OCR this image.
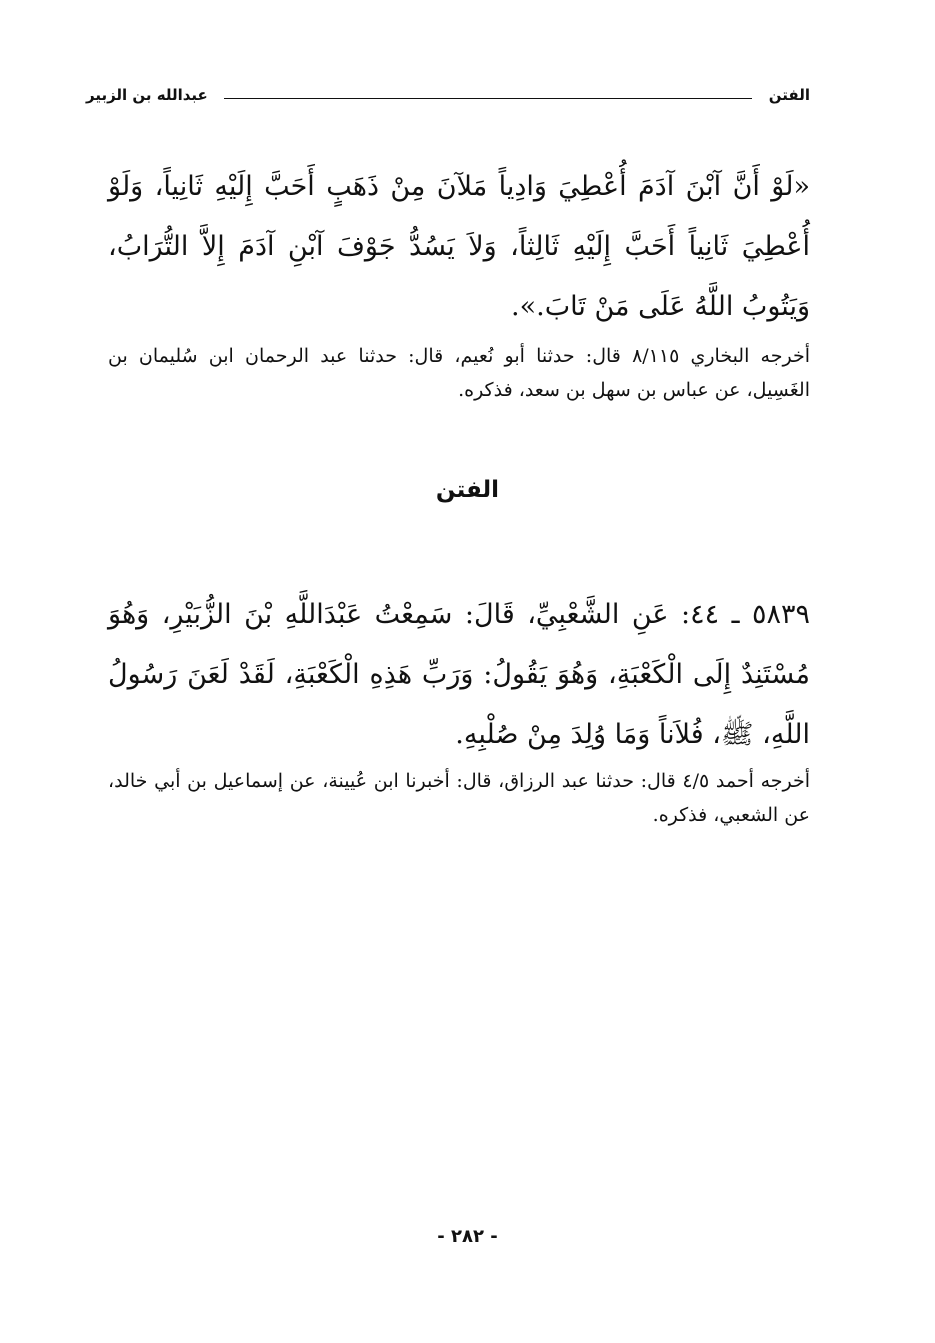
الفتن
عبدالله بن الزبير

«لَوْ أَنَّ آبْنَ آدَمَ أُعْطِيَ وَادِياً مَلآنَ مِنْ ذَهَبٍ أَحَبَّ إِلَيْهِ ثَانِياً، وَلَوْ أُعْطِيَ ثَانِياً أَحَبَّ إِلَيْهِ ثَالِثاً، وَلاَ يَسُدُّ جَوْفَ آبْنِ آدَمَ إِلاَّ التُّرَابُ، وَيَتُوبُ اللَّهُ عَلَى مَنْ تَابَ.».

أخرجه البخاري ٨/١١٥ قال: حدثنا أبو نُعيم، قال: حدثنا عبد الرحمان ابن سُليمان بن الغَسِيل، عن عباس بن سهل بن سعد، فذكره.

الفتن

٥٨٣٩ ـ ٤٤: عَنِ الشَّعْبِيِّ، قَالَ: سَمِعْتُ عَبْدَاللَّهِ بْنَ الزُّبَيْرِ، وَهُوَ مُسْتَنِدٌ إِلَى الْكَعْبَةِ، وَهُوَ يَقُولُ: وَرَبِّ هَذِهِ الْكَعْبَةِ، لَقَدْ لَعَنَ رَسُولُ اللَّهِ، ﷺ، فُلاَناً وَمَا وُلِدَ مِنْ صُلْبِهِ.

أخرجه أحمد ٤/٥ قال: حدثنا عبد الرزاق، قال: أخبرنا ابن عُيينة، عن إسماعيل بن أبي خالد، عن الشعبي، فذكره.

- ٢٨٢ -
